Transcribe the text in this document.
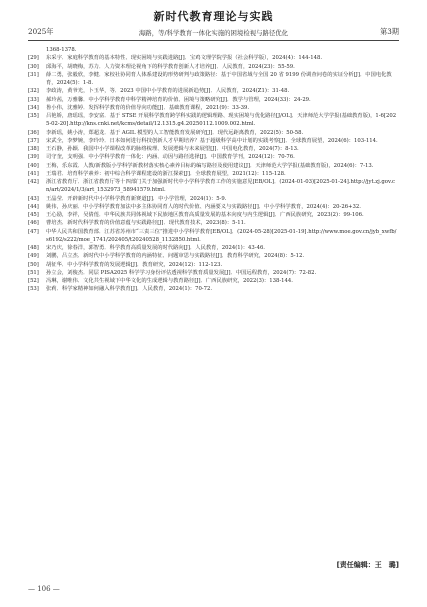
新时代教育理论与实践
2025年	海路，等/科学教育一体化实施的困境检视与路径优化	第3期
1368-1378.
[29] 东采宇．家庭科学教育的基本特性、现实困境与实践进路[J]．宝鸡文理学院学报（社会科学版），2024(4)：144-148.
[30] 邱海平，胡晓梅，苏力．人力资本理论视角下的科学教育创新人才培养[J]．人民教育，2024(23)：55-59.
[31] 薛二勇，张毅欣，李健．家校社协同育人体系建设的形势研判与政策路径：基于中国省域与全国 20 省 9199 份调查问卷的实证分析[J]．中国电化教育，2024(5)：1-8.
[32] 李政涛，黄爷光，卜玉华，等．2023 中国中小学教育的进展新趋势[J]．人民教育，2024(Z1)：31-48.
[33] 郝玲茜，万雅馨．中小学科学教育中科学精神培育的价值、困境与策略研究[J]．教学与管理，2024(33)：24-29.
[34] 鲁小伟，沈雅婷．发挥科学教育的价值导向功能[J]．基础教育课程，2021(9)：33-39.
[35] 吕艳娇，唐瑶瑶，李安富．基于 STSE 开展科学教育跨学科实践的逻辑理路、现实困境与优化路径[J/OL]．天津师范大学学报(基础教育版)，1-6[2025-02-20].http://kns.cnki.net/kcms/detail/12.1315.g4.20250112.1009.002.html.
[36] 李新瑶，姚小涛，郑超龙．基于 AGIL 模型的人工智能教育发展研究[J]．现代远距离教育，2022(5)：50-58.
[37] 宋武全，李梦婉，李玲玲．日本如何进行科技创新人才早期培养？基于超级科学高中计划的实践考察[J]．全球教育展望，2024(6)：103-114.
[38] 王石静，孙颖．我国中小学课程改革的脉络梳理、发展逻辑与未来展望[J]．中国电化教育，2024(7)：8-13.
[39] 司守奎，支明强．中小学科学教育一体化：内涵、动因与路径选择[J]．中国教育学刊，2024(12)：70-76.
[40] 王梅，乐东霞．人教/新教版小学科学新教材落实核心素养目标的编写路径及使用建议[J]．天津师范大学学报(基础教育版)，2024(6)：7-13.
[41] 王瑞君．培育科学素养：初中综合科学课程建设的浙江探索[J]．全球教育展望，2021(12)：115-128.
[42] 浙江省教育厅．浙江省教育厅等十四部门关于加强新时代中小学科学教育工作的实施意见[EB/OL]．(2024-01-03)[2025-01-24].http://jyt.zj.gov.cn/art/2024/1/3/art_1532973_58941579.html.
[43] 王晶莹．开辟新时代中小学科学教育新赛道[J]．中小学管理，2024(1)：5-9.
[44] 姚伟，孙庆丽．中小学科学教育加法中多主体协同育人的时代价值、内涵要义与实践路径[J]．中小学科学教育，2024(4)：20-26+32.
[45] 王心励，李祥，吴倩莲．中华民族共同体视域下民族地区教育高质量发展的基本向度与内生逻辑[J]．广西民族研究，2023(2)：99-106.
[46] 曹培杰．新时代科学教育的价值意蕴与实践路径[J]．现代教育技术，2023(8)：5-11.
[47] 中华人民共和国教育部．江苏省苏州市“三责三位”推进中小学科学教育[EB/OL]．(2024-05-28)[2025-01-19].http://www.moe.gov.cn/jyb_xwfb/s6192/s222/moe_1741/202405/t20240528_1132850.html.
[48] 宋乃庆，徐春洋，郭智勇．科学教育高质量发展的时代路向[J]．人民教育，2024(1)：43-46.
[49] 刘鹏，吕立杰．新时代中小学科学教育的内涵特征、问题审思与实践路径[J]．教育科学研究，2024(8)：5-12.
[50] 胡征华．中小学科学教育的发展逻辑[J]．教育研究，2024(12)：112-123.
[51] 孙立会，刘俊杰．同层 PISA2025 科学学习身份评估透视科学教育质量发展[J]．中国远程教育，2024(7)：72-82.
[52] 冯琳，谢唯伟．文化共生视域下中华文化的生成逻辑与教育路径[J]．广西民族研究，2022(3)：138-144.
[53] 张莉．科学家精神如何融入科学教育[J]．人民教育，2024(1)：70-72.
[责任编辑：王　璐]
— 106 —
